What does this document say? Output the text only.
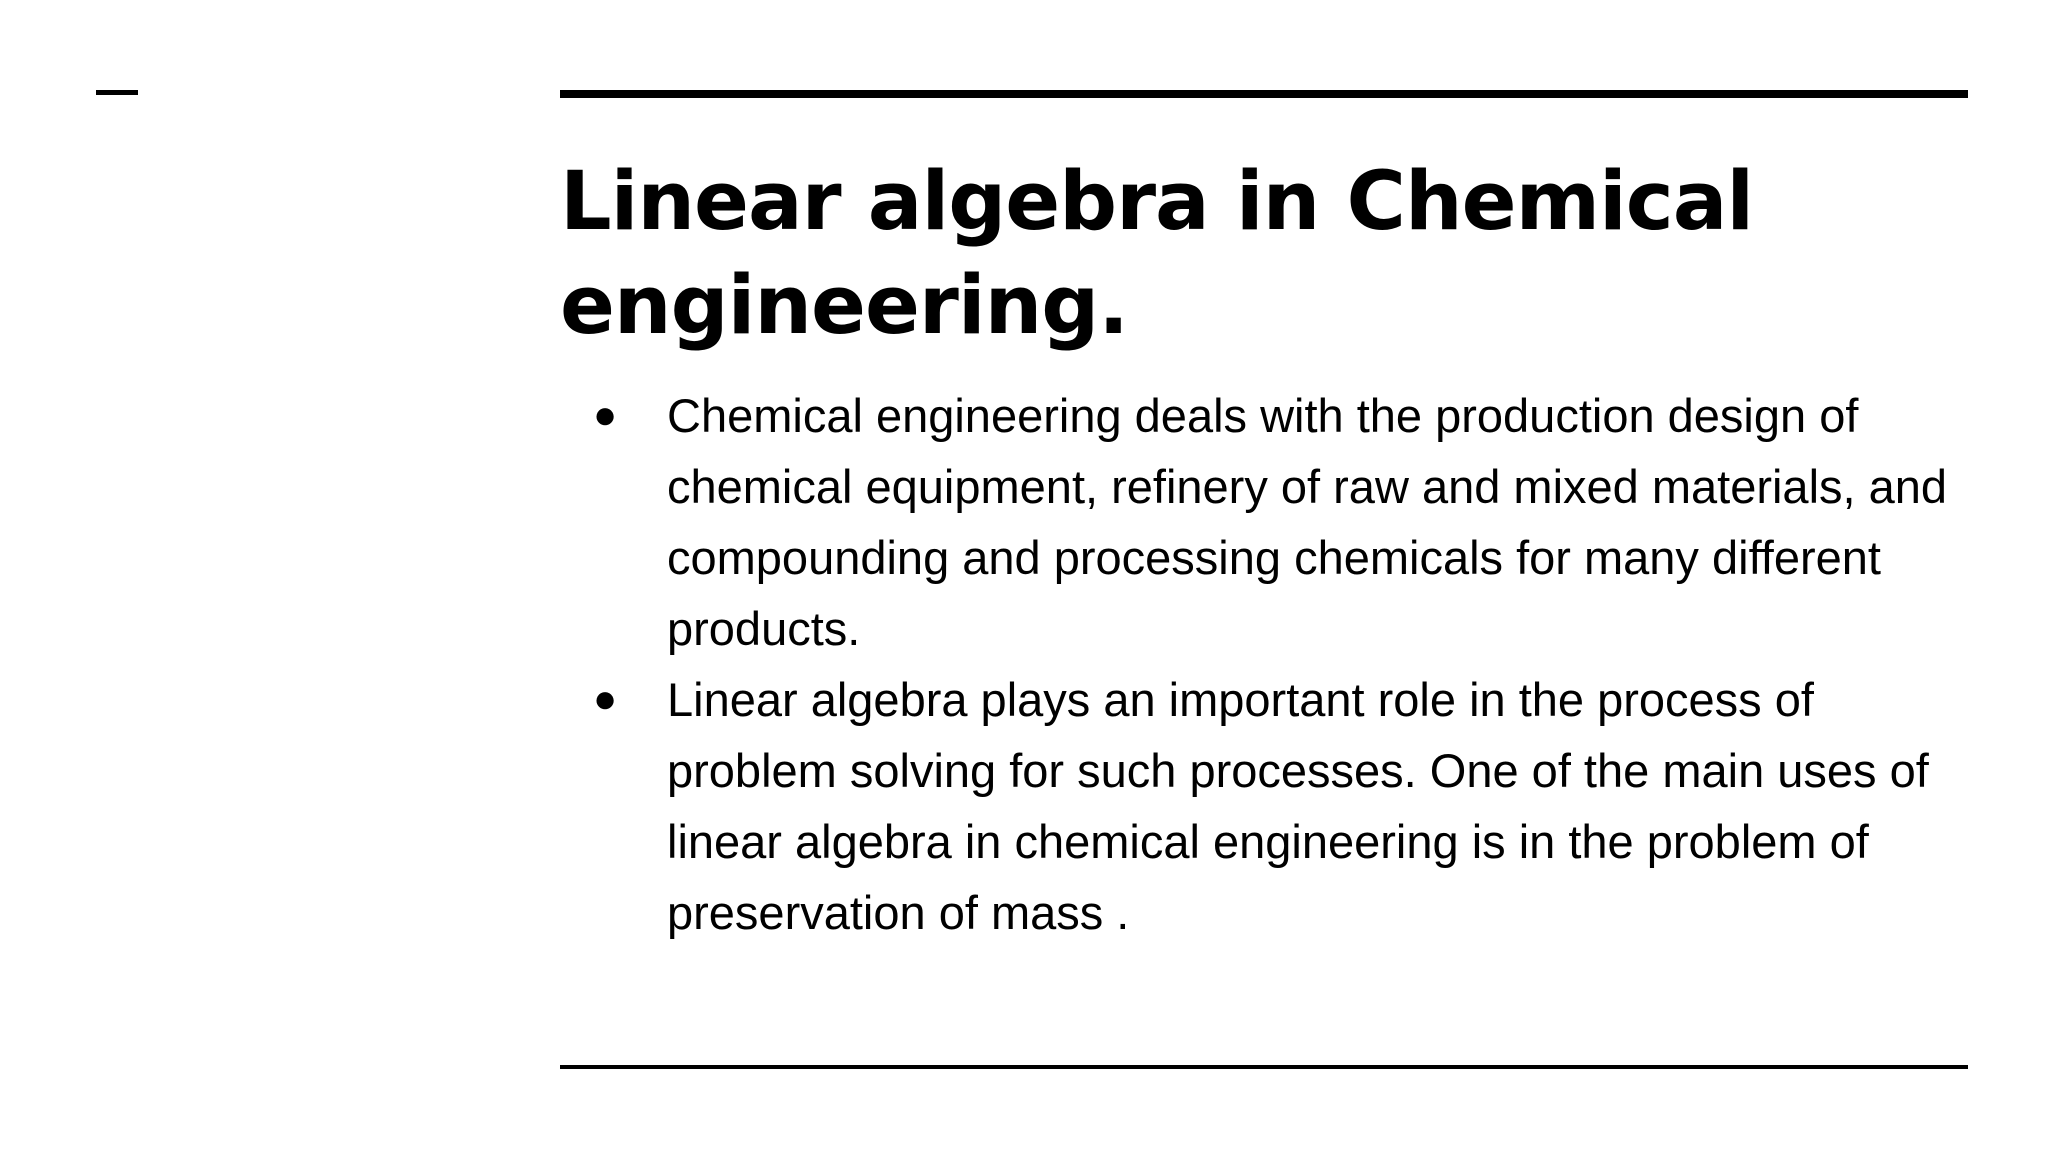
Linear algebra in Chemical engineering.
● Chemical engineering deals with the production design of chemical equipment, refinery of raw and mixed materials, and compounding and processing chemicals for many different products.
● Linear algebra plays an important role in the process of problem solving for such processes. One of the main uses of linear algebra in chemical engineering is in the problem of preservation of mass .
